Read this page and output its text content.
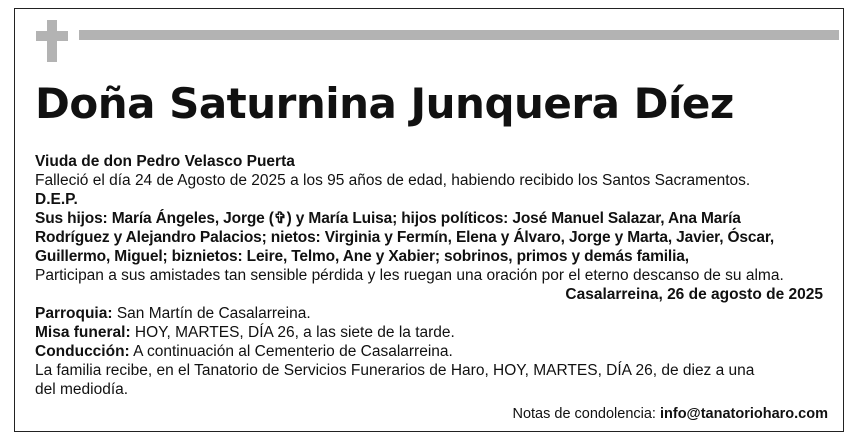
Doña Saturnina Junquera Díez

Viuda de don Pedro Velasco Puerta

Falleció el día 24 de Agosto de 2025 a los 95 años de edad, habiendo recibido los Santos Sacramentos.

D.E.P.

Sus hijos: María Ángeles, Jorge (✞) y María Luisa; hijos políticos: José Manuel Salazar, Ana María

Rodríguez y Alejandro Palacios; nietos: Virginia y Fermín, Elena y Álvaro, Jorge y Marta, Javier, Óscar,

Guillermo, Miguel; biznietos: Leire, Telmo, Ane y Xabier; sobrinos, primos y demás familia,

Participan a sus amistades tan sensible pérdida y les ruegan una oración por el eterno descanso de su alma.

Casalarreina, 26 de agosto de 2025

Parroquia: San Martín de Casalarreina.

Misa funeral: HOY, MARTES, DÍA 26, a las siete de la tarde.

Conducción: A continuación al Cementerio de Casalarreina.

La familia recibe, en el Tanatorio de Servicios Funerarios de Haro, HOY, MARTES, DÍA 26, de diez a una

del mediodía.

Notas de condolencia: info@tanatorioharo.com
